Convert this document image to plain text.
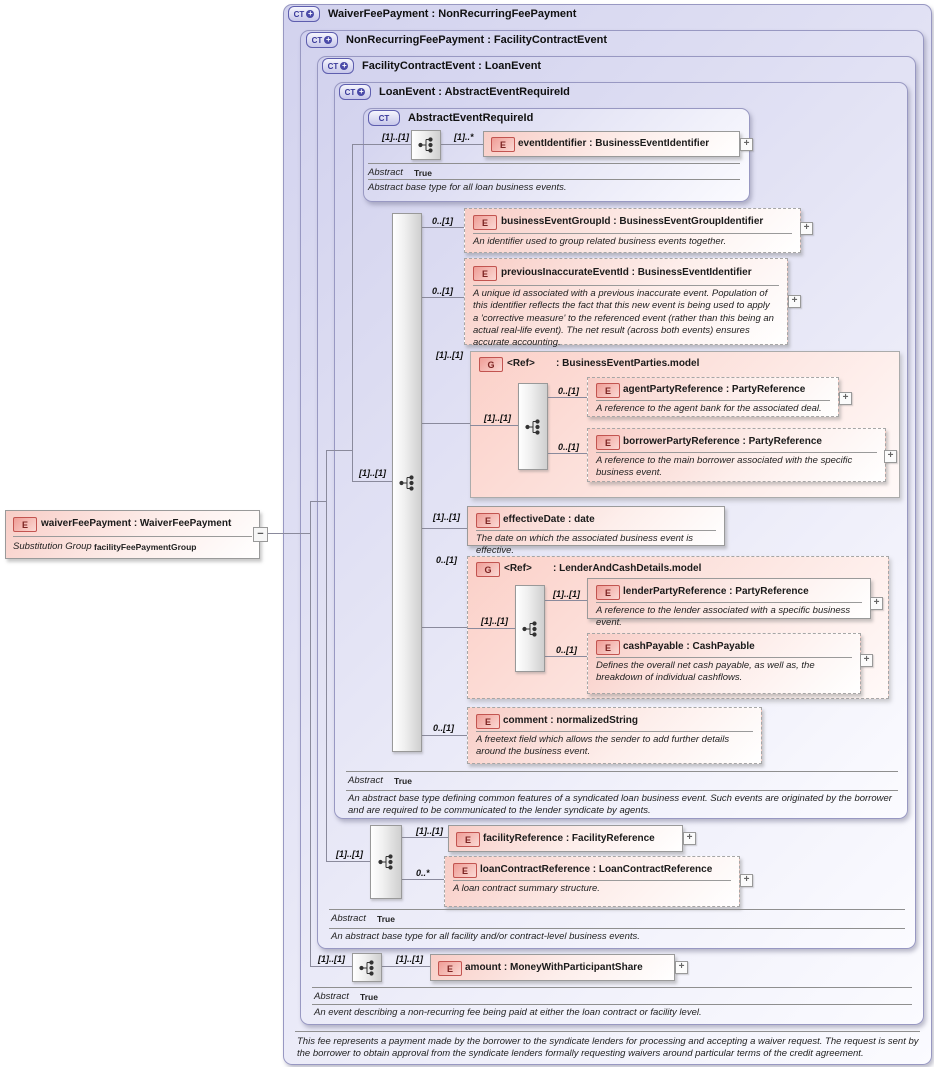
CT + WaiverFeePayment : NonRecurringFeePayment
CT + NonRecurringFeePayment : FacilityContractEvent
CT + FacilityContractEvent : LoanEvent
CT + LoanEvent : AbstractEventRequireId
CT AbstractEventRequireId
G	<Ref> : BusinessEventParties.model
G	<Ref> : LenderAndCashDetails.model
E	waiverFeePayment : WaiverFeePayment
Substitution Group facilityFeePaymentGroup
−
[1]..[1]	[1]..*
E	eventIdentifier : BusinessEventIdentifier	+
Abstract True
Abstract base type for all loan business events.
[1]..[1]
0..[1]	E	businessEventGroupId : BusinessEventGroupIdentifier
An identifier used to group related business events together.
+
0..[1]
E	previousInaccurateEventId : BusinessEventIdentifier
A unique id associated with a previous inaccurate event. Population of this identifier reflects the fact that this new event is being used to apply a 'corrective measure' to the referenced event (rather than this being an actual real-life event). The net result (across both events) ensures accurate accounting.
+
[1]..[1]
[1]..[1]
0..[1]	E	agentPartyReference : PartyReference
A reference to the agent bank for the associated deal.
+
0..[1]	E	borrowerPartyReference : PartyReference
A reference to the main borrower associated with the specific business event.
+
[1]..[1]	E	effectiveDate : date
The date on which the associated business event is effective.
0..[1]
[1]..[1]
[1]..[1]	E	lenderPartyReference : PartyReference
A reference to the lender associated with a specific business event.
+
0..[1]	E	cashPayable : CashPayable
Defines the overall net cash payable, as well as, the breakdown of individual cashflows.
+
0..[1]
E	comment : normalizedString
A freetext field which allows the sender to add further details around the business event.
Abstract True
An abstract base type defining common features of a syndicated loan business event. Such events are originated by the borrower and are required to be communicated to the lender syndicate by agents.
[1]..[1]
[1]..[1]
E	facilityReference : FacilityReference	+
0..*	E	loanContractReference : LoanContractReference
A loan contract summary structure.
+
Abstract True
An abstract base type for all facility and/or contract-level business events.
[1]..[1]	[1]..[1]
E	amount : MoneyWithParticipantShare	+
Abstract True
An event describing a non-recurring fee being paid at either the loan contract or facility level.
This fee represents a payment made by the borrower to the syndicate lenders for processing and accepting a waiver request. The request is sent by the borrower to obtain approval from the syndicate lenders formally requesting waivers around particular terms of the credit agreement.
